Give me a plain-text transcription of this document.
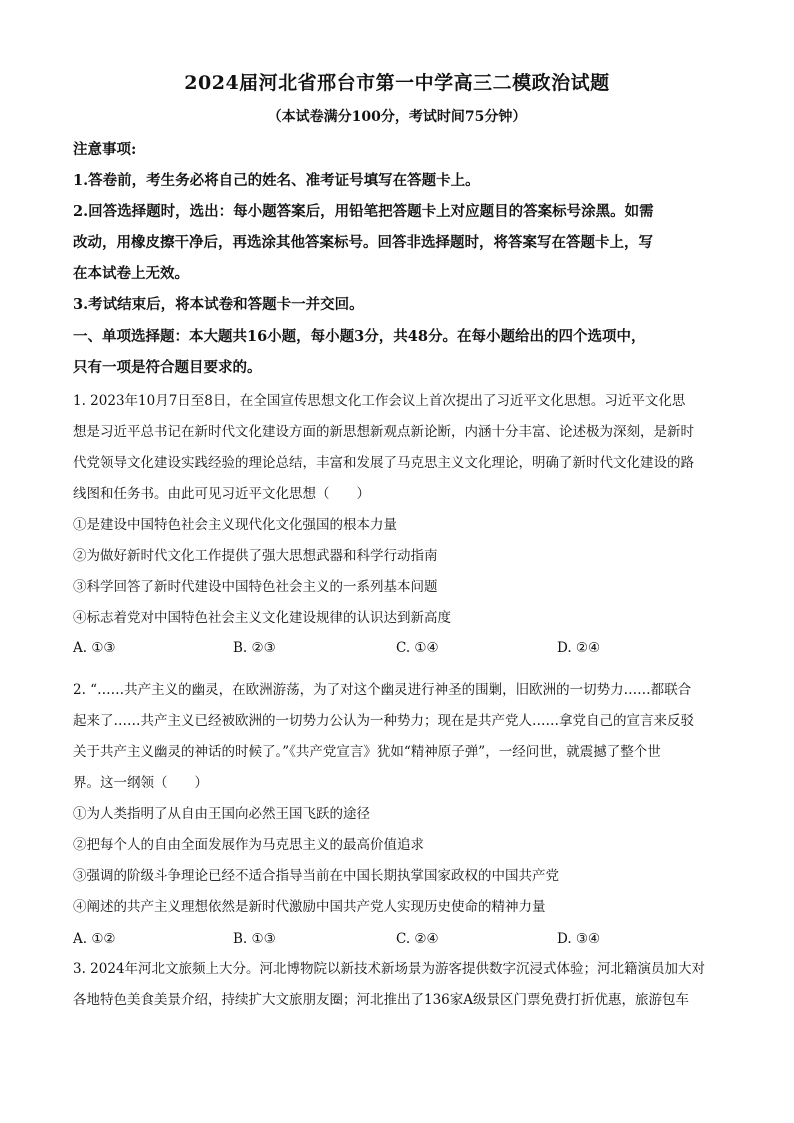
2024届河北省邢台市第一中学高三二模政治试题
（本试卷满分100分，考试时间75分钟）
注意事项:
1.答卷前，考生务必将自己的姓名、准考证号填写在答题卡上。
2.回答选择题时，选出：每小题答案后，用铅笔把答题卡上对应题目的答案标号涂黑。如需
改动，用橡皮擦干净后，再选涂其他答案标号。回答非选择题时，将答案写在答题卡上，写
在本试卷上无效。
3.考试结束后，将本试卷和答题卡一并交回。
一、单项选择题：本大题共16小题，每小题3分，共48分。在每小题给出的四个选项中，
只有一项是符合题目要求的。
1. 2023年10月7日至8日，在全国宣传思想文化工作会议上首次提出了习近平文化思想。习近平文化思
想是习近平总书记在新时代文化建设方面的新思想新观点新论断，内涵十分丰富、论述极为深刻，是新时
代党领导文化建设实践经验的理论总结，丰富和发展了马克思主义文化理论，明确了新时代文化建设的路
线图和任务书。由此可见习近平文化思想（　　）
①是建设中国特色社会主义现代化文化强国的根本力量
②为做好新时代文化工作提供了强大思想武器和科学行动指南
③科学回答了新时代建设中国特色社会主义的一系列基本问题
④标志着党对中国特色社会主义文化建设规律的认识达到新高度
A. ①③	B. ②③	C. ①④	D. ②④
2. “……共产主义的幽灵，在欧洲游荡，为了对这个幽灵进行神圣的围剿，旧欧洲的一切势力……都联合
起来了……共产主义已经被欧洲的一切势力公认为一种势力；现在是共产党人……拿党自己的宣言来反驳
关于共产主义幽灵的神话的时候了。”《共产党宣言》犹如“精神原子弹”，一经问世，就震撼了整个世
界。这一纲领（　　）
①为人类指明了从自由王国向必然王国飞跃的途径
②把每个人的自由全面发展作为马克思主义的最高价值追求
③强调的阶级斗争理论已经不适合指导当前在中国长期执掌国家政权的中国共产党
④阐述的共产主义理想依然是新时代激励中国共产党人实现历史使命的精神力量
A. ①②	B. ①③	C. ②④	D. ③④
3. 2024年河北文旅频上大分。河北博物院以新技术新场景为游客提供数字沉浸式体验；河北籍演员加大对
各地特色美食美景介绍，持续扩大文旅朋友圈；河北推出了136家A级景区门票免费打折优惠，旅游包车
